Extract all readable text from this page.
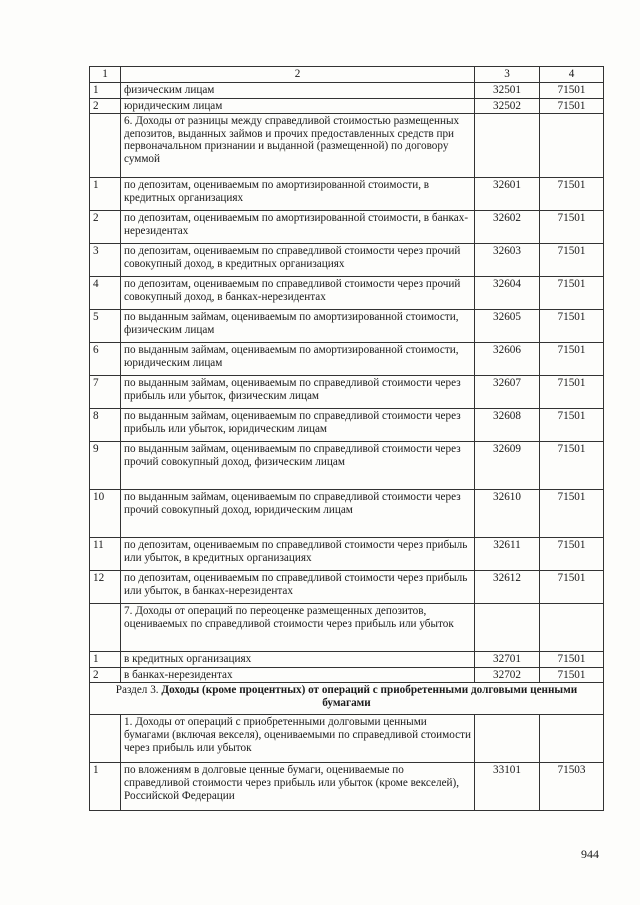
1	2	3	4
1	физическим лицам	32501	71501
2	юридическим лицам	32502	71501
	6. Доходы от разницы между справедливой стоимостью размещенных депозитов, выданных займов и прочих предоставленных средств при первоначальном признании и выданной (размещенной) по договору суммой		
1	по депозитам, оцениваемым по амортизированной стоимости, в кредитных организациях	32601	71501
2	по депозитам, оцениваемым по амортизированной стоимости, в банках-нерезидентах	32602	71501
3	по депозитам, оцениваемым по справедливой стоимости через прочий совокупный доход, в кредитных организациях	32603	71501
4	по депозитам, оцениваемым по справедливой стоимости через прочий совокупный доход, в банках-нерезидентах	32604	71501
5	по выданным займам, оцениваемым по амортизированной стоимости, физическим лицам	32605	71501
6	по выданным займам, оцениваемым по амортизированной стоимости, юридическим лицам	32606	71501
7	по выданным займам, оцениваемым по справедливой стоимости через прибыль или убыток, физическим лицам	32607	71501
8	по выданным займам, оцениваемым по справедливой стоимости через прибыль или убыток, юридическим лицам	32608	71501
9	по выданным займам, оцениваемым по справедливой стоимости через прочий совокупный доход, физическим лицам	32609	71501
10	по выданным займам, оцениваемым по справедливой стоимости через прочий совокупный доход, юридическим лицам	32610	71501
11	по депозитам, оцениваемым по справедливой стоимости через прибыль или убыток, в кредитных организациях	32611	71501
12	по депозитам, оцениваемым по справедливой стоимости через прибыль или убыток, в банках-нерезидентах	32612	71501
	7. Доходы от операций по переоценке размещенных депозитов, оцениваемых по справедливой стоимости через прибыль или убыток		
1	в кредитных организациях	32701	71501
2	в банках-нерезидентах	32702	71501
Раздел 3. Доходы (кроме процентных) от операций с приобретенными долговыми ценными бумагами			
	1. Доходы от операций с приобретенными долговыми ценными бумагами (включая векселя), оцениваемыми по справедливой стоимости через прибыль или убыток		
1	по вложениям в долговые ценные бумаги, оцениваемые по справедливой стоимости через прибыль или убыток (кроме векселей), Российской Федерации	33101	71503
944
